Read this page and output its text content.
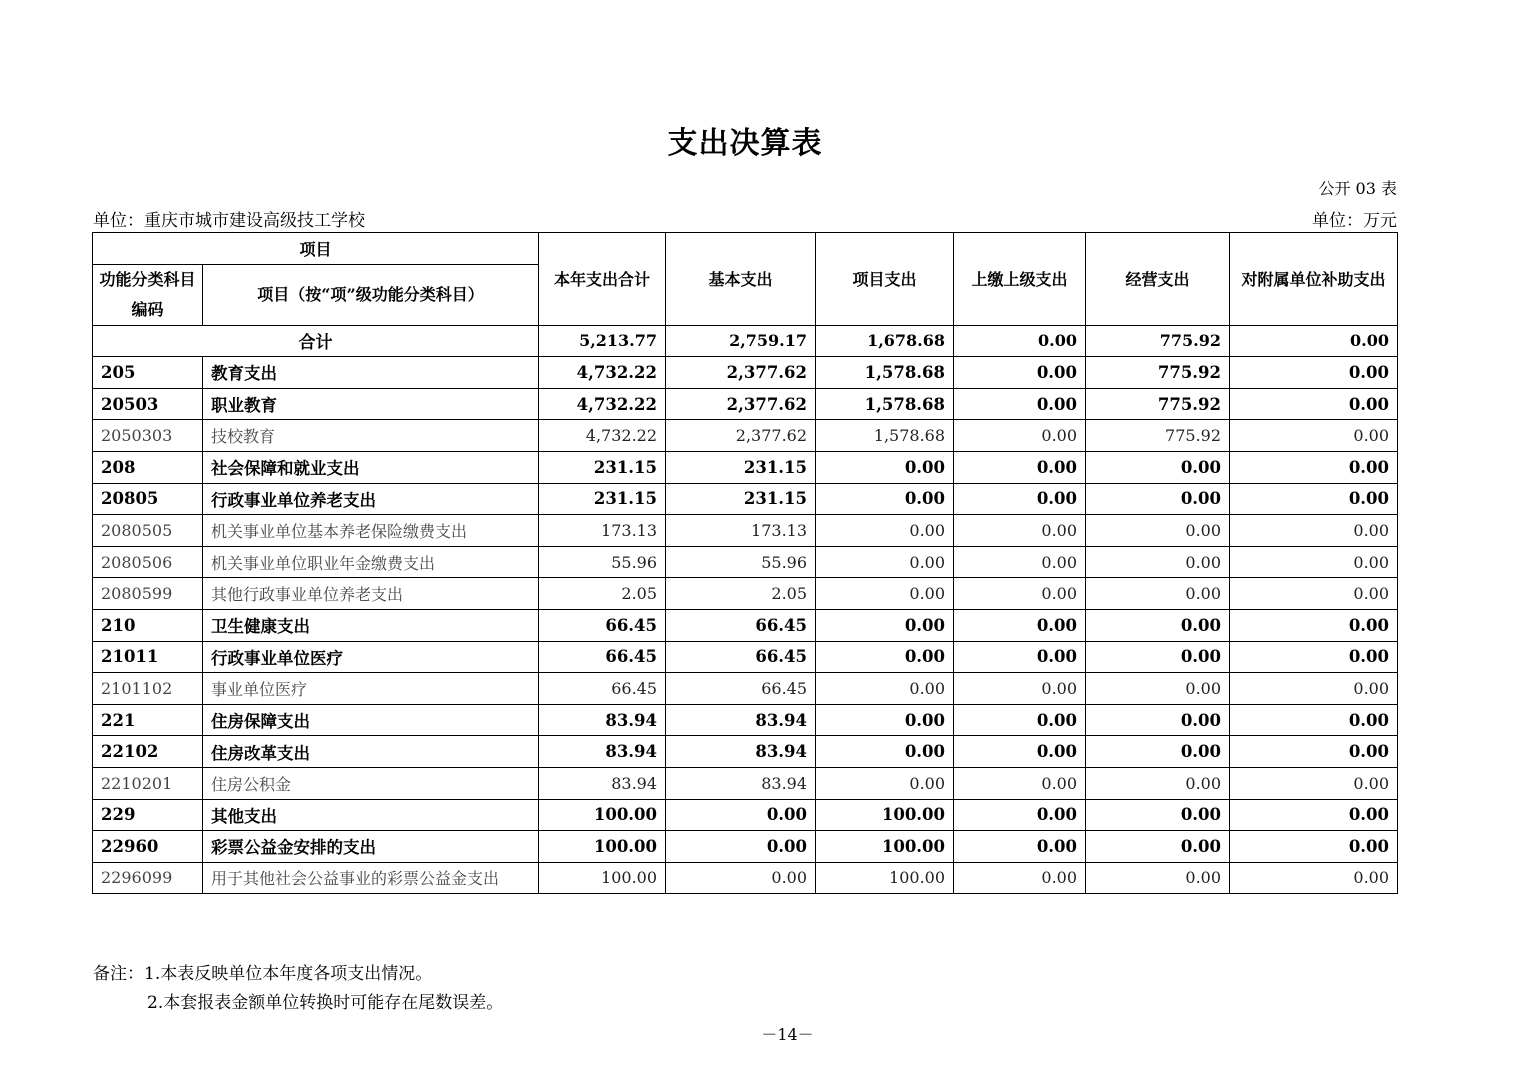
支出决算表
公开 03 表
单位：重庆市城市建设高级技工学校	单位：万元
项目		本年支出合计	基本支出	项目支出	上缴上级支出	经营支出	对附属单位补助支出
功能分类科目编码	项目（按“项”级功能分类科目）						
合计		5,213.77	2,759.17	1,678.68	0.00	775.92	0.00
205	教育支出	4,732.22	2,377.62	1,578.68	0.00	775.92	0.00
20503	职业教育	4,732.22	2,377.62	1,578.68	0.00	775.92	0.00
2050303	技校教育	4,732.22	2,377.62	1,578.68	0.00	775.92	0.00
208	社会保障和就业支出	231.15	231.15	0.00	0.00	0.00	0.00
20805	行政事业单位养老支出	231.15	231.15	0.00	0.00	0.00	0.00
2080505	机关事业单位基本养老保险缴费支出	173.13	173.13	0.00	0.00	0.00	0.00
2080506	机关事业单位职业年金缴费支出	55.96	55.96	0.00	0.00	0.00	0.00
2080599	其他行政事业单位养老支出	2.05	2.05	0.00	0.00	0.00	0.00
210	卫生健康支出	66.45	66.45	0.00	0.00	0.00	0.00
21011	行政事业单位医疗	66.45	66.45	0.00	0.00	0.00	0.00
2101102	事业单位医疗	66.45	66.45	0.00	0.00	0.00	0.00
221	住房保障支出	83.94	83.94	0.00	0.00	0.00	0.00
22102	住房改革支出	83.94	83.94	0.00	0.00	0.00	0.00
2210201	住房公积金	83.94	83.94	0.00	0.00	0.00	0.00
229	其他支出	100.00	0.00	100.00	0.00	0.00	0.00
22960	彩票公益金安排的支出	100.00	0.00	100.00	0.00	0.00	0.00
2296099	用于其他社会公益事业的彩票公益金支出	100.00	0.00	100.00	0.00	0.00	0.00
备注：1.本表反映单位本年度各项支出情况。
2.本套报表金额单位转换时可能存在尾数误差。
－14－
